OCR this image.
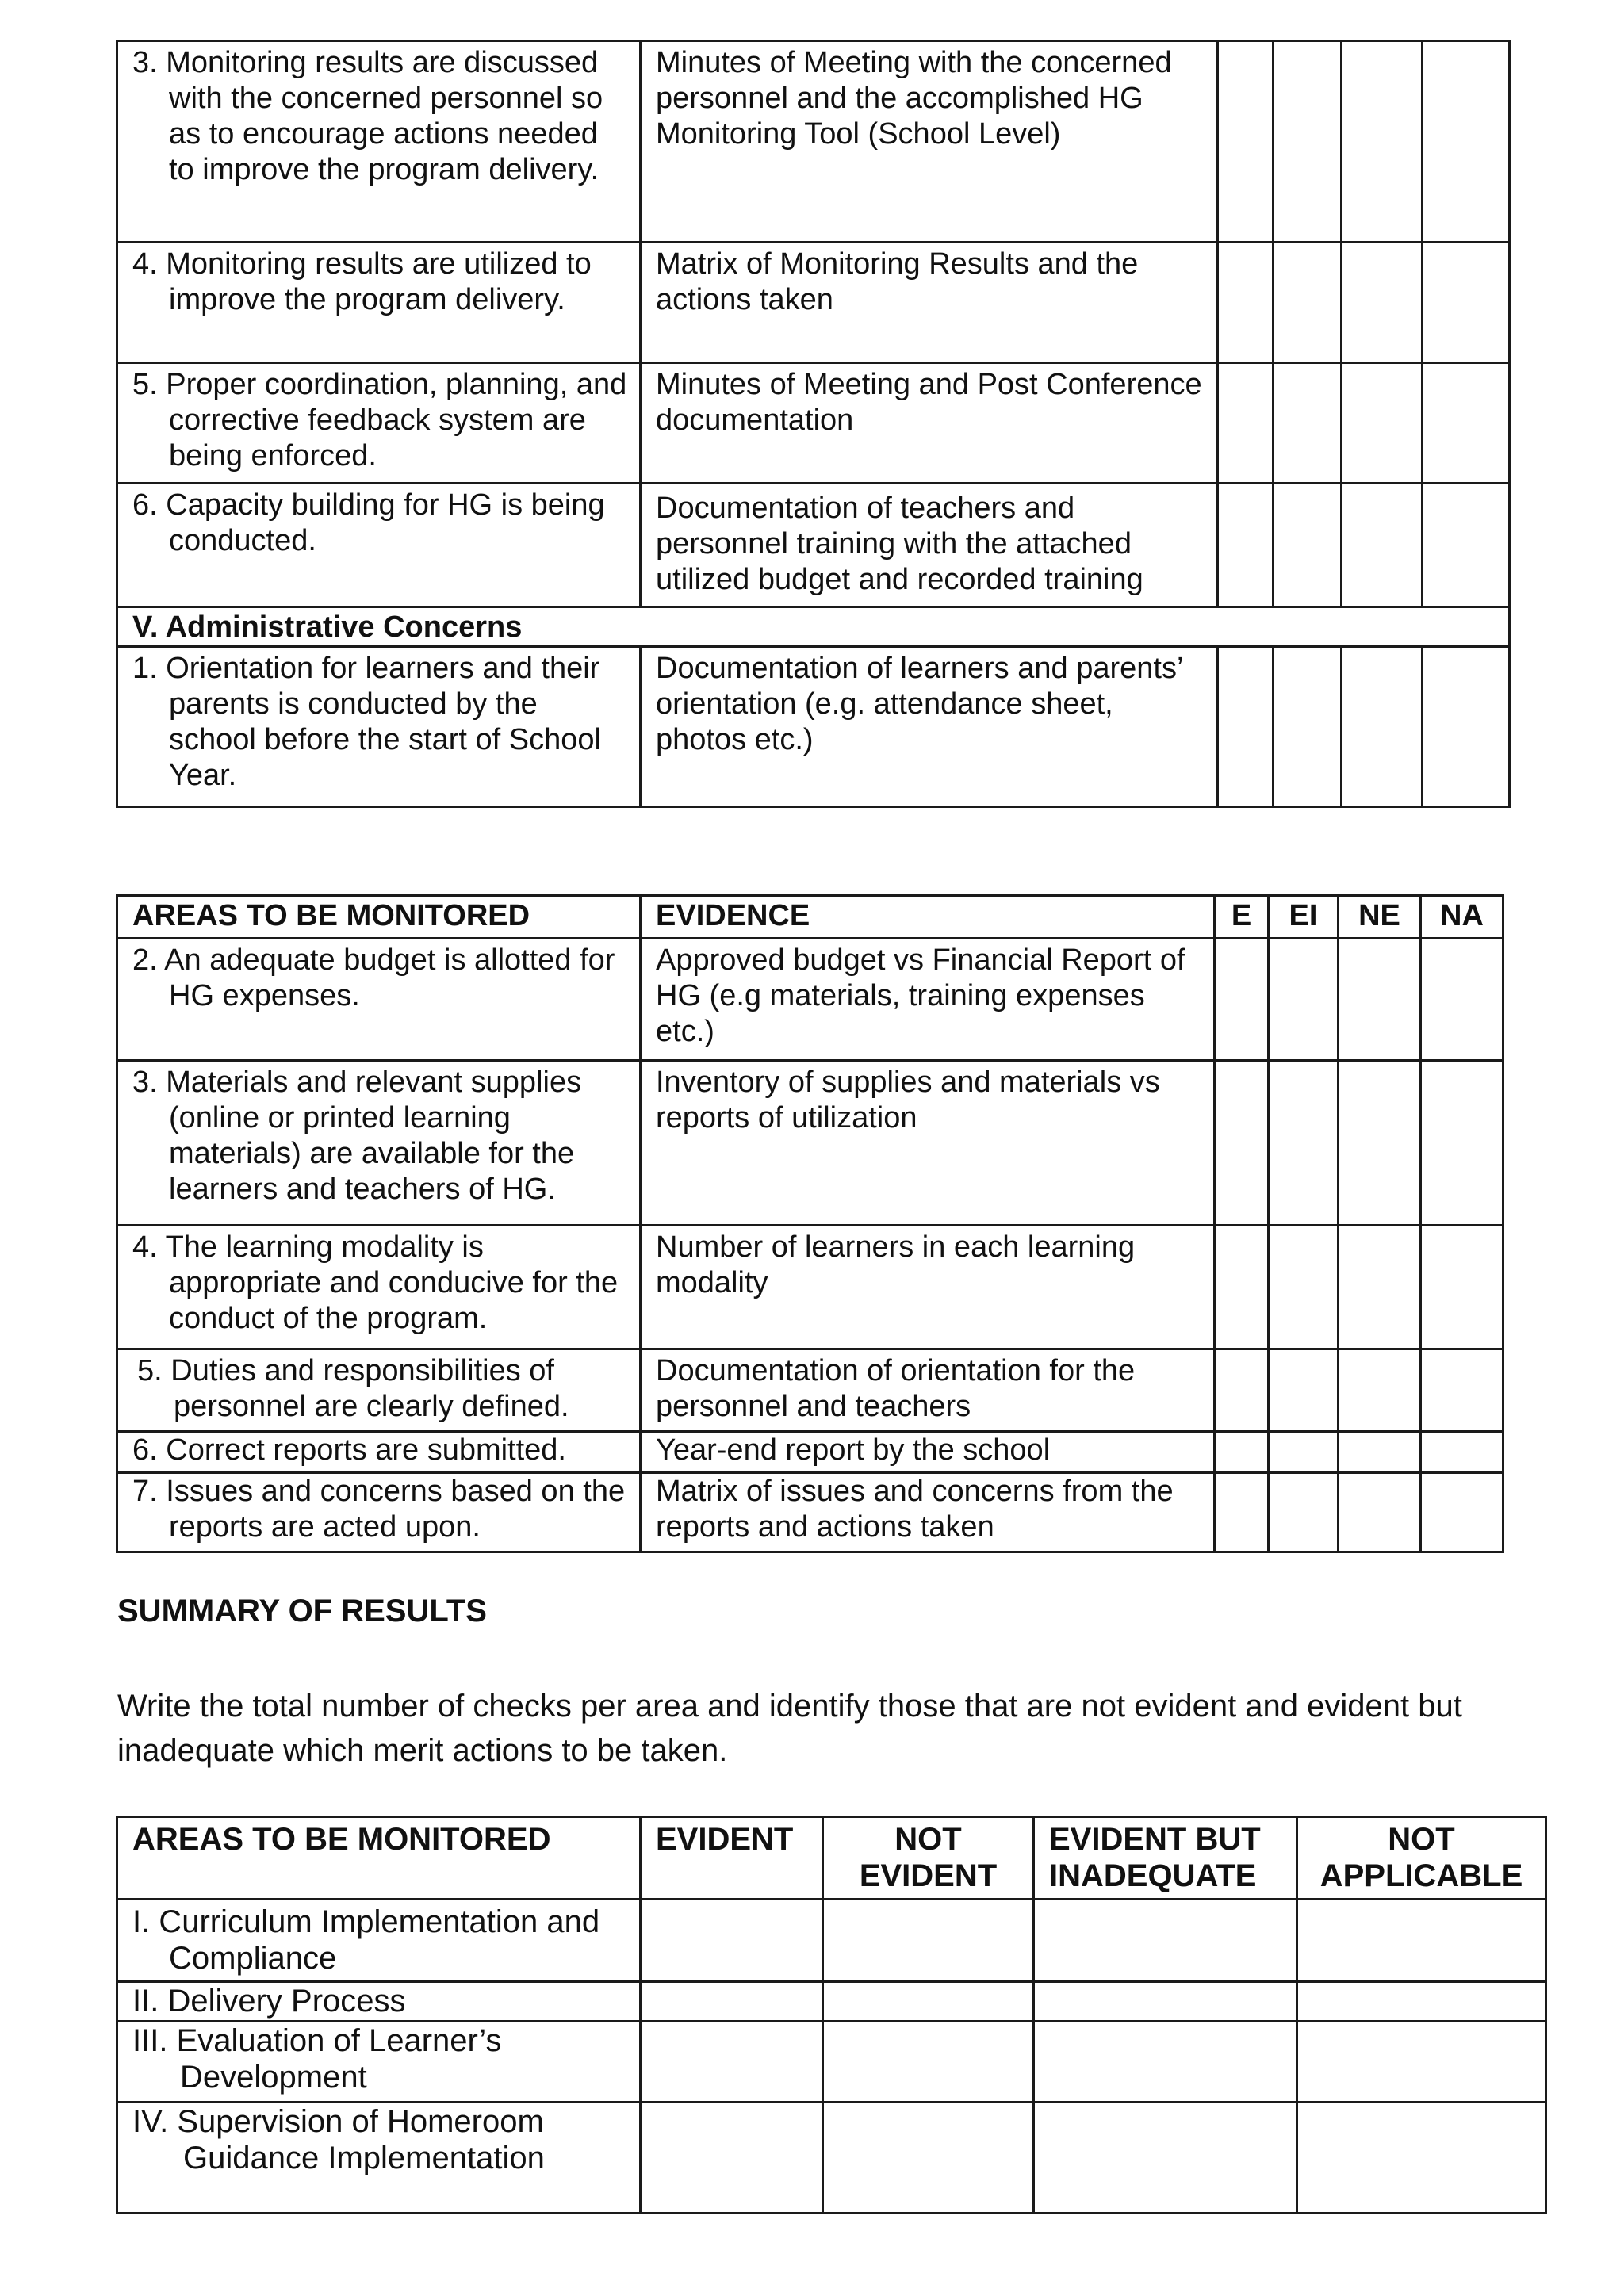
3. Monitoring results are discussed with the concerned personnel so as to encourage actions needed to improve the program delivery.	Minutes of Meeting with the concerned personnel and the accomplished HG Monitoring Tool (School Level)				

4. Monitoring results are utilized to improve the program delivery.	Matrix of Monitoring Results and the actions taken				

5. Proper coordination, planning, and corrective feedback system are being enforced.	Minutes of Meeting and Post Conference documentation				

6. Capacity building for HG is being conducted.	Documentation of teachers and personnel training with the attached utilized budget and recorded training				

V. Administrative Concerns					

1. Orientation for learners and their parents is conducted by the school before the start of School Year.	Documentation of learners and parents’ orientation (e.g. attendance sheet, photos etc.)				

AREAS TO BE MONITORED	EVIDENCE	E	EI	NE	NA

2. An adequate budget is allotted for HG expenses.	Approved budget vs Financial Report of HG (e.g materials, training expenses etc.)				

3. Materials and relevant supplies (online or printed learning materials) are available for the learners and teachers of HG.	Inventory of supplies and materials vs reports of utilization				

4. The learning modality is appropriate and conducive for the conduct of the program.	Number of learners in each learning modality				

5. Duties and responsibilities of personnel are clearly defined.	Documentation of orientation for the personnel and teachers				

6. Correct reports are submitted.	Year-end report by the school				

7. Issues and concerns based on the reports are acted upon.	Matrix of issues and concerns from the reports and actions taken				

SUMMARY OF RESULTS
Write the total number of checks per area and identify those that are not evident and evident but inadequate which merit actions to be taken.
AREAS TO BE MONITORED	EVIDENT	NOT EVIDENT	EVIDENT BUT INADEQUATE	NOT APPLICABLE

I. Curriculum Implementation and Compliance				

II. Delivery Process				

III. Evaluation of Learner’s Development				

IV. Supervision of Homeroom Guidance Implementation				
